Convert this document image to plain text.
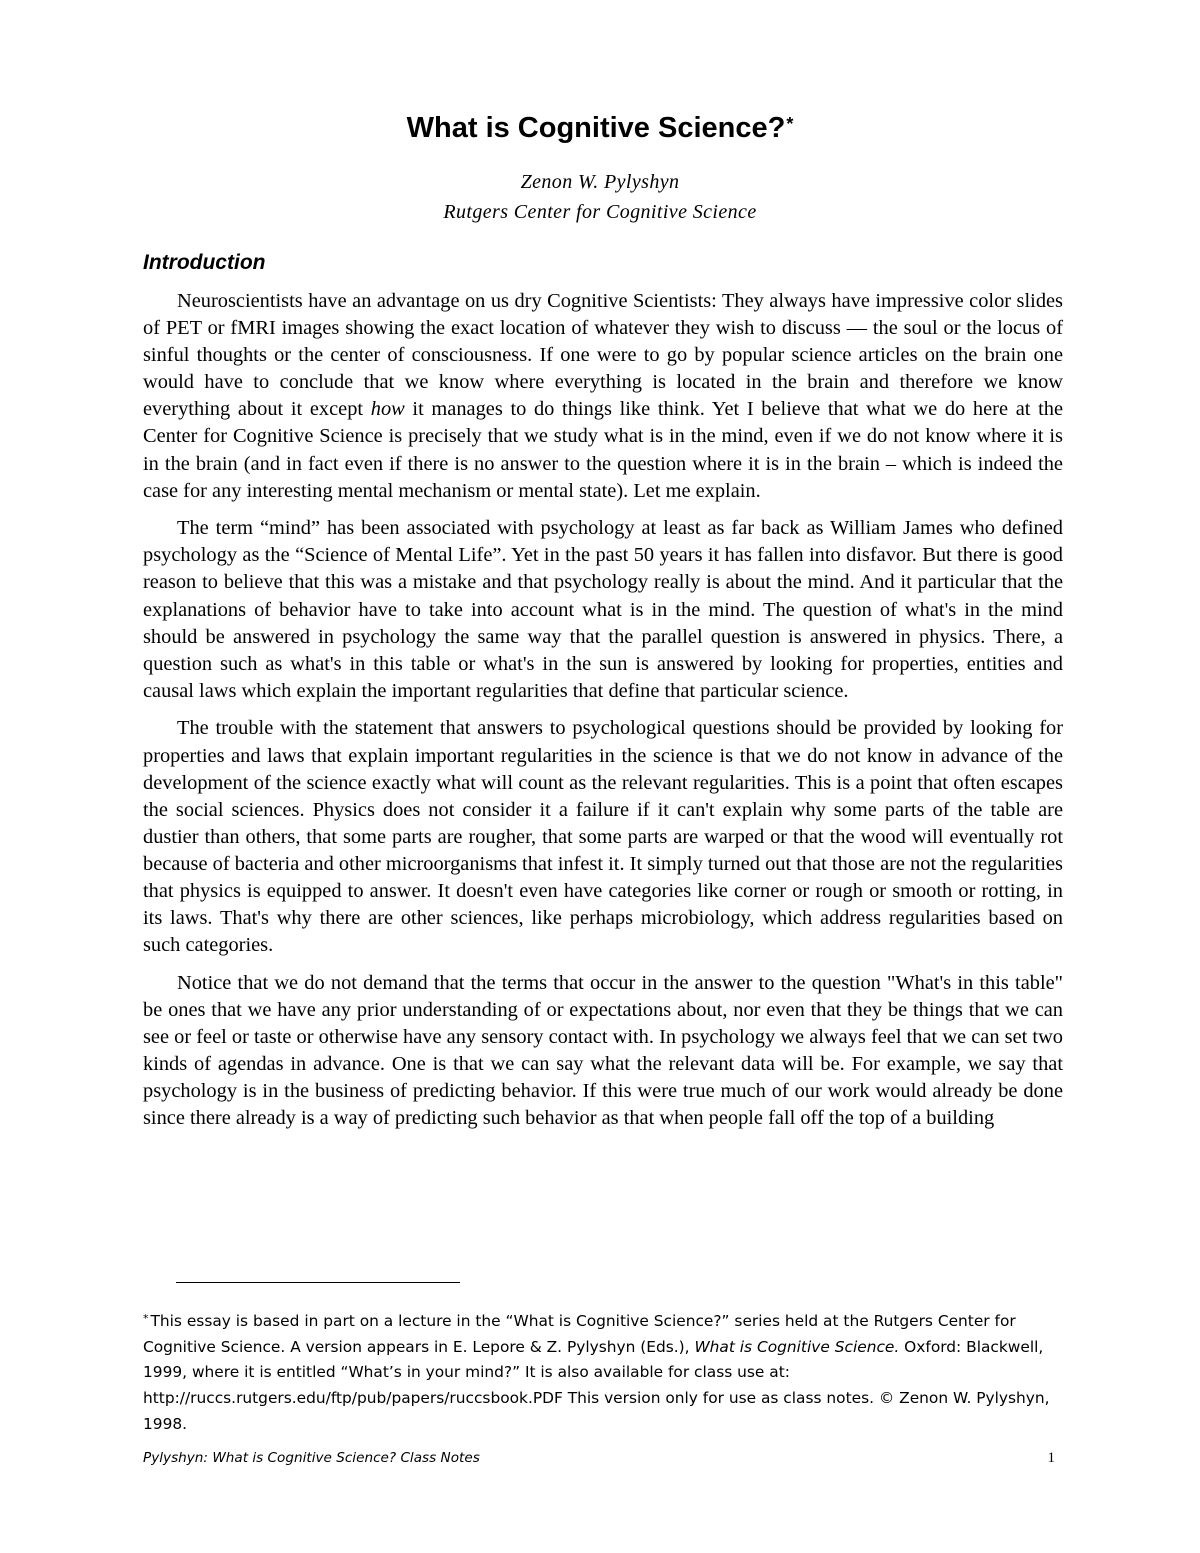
What is Cognitive Science?*
Zenon W. Pylyshyn
Rutgers Center for Cognitive Science
Introduction

Neuroscientists have an advantage on us dry Cognitive Scientists: They always have impressive color slides of PET or fMRI images showing the exact location of whatever they wish to discuss — the soul or the locus of sinful thoughts or the center of consciousness. If one were to go by popular science articles on the brain one would have to conclude that we know where everything is located in the brain and therefore we know everything about it except how it manages to do things like think. Yet I believe that what we do here at the Center for Cognitive Science is precisely that we study what is in the mind, even if we do not know where it is in the brain (and in fact even if there is no answer to the question where it is in the brain – which is indeed the case for any interesting mental mechanism or mental state). Let me explain.

The term “mind” has been associated with psychology at least as far back as William James who defined psychology as the “Science of Mental Life”. Yet in the past 50 years it has fallen into disfavor. But there is good reason to believe that this was a mistake and that psychology really is about the mind. And it particular that the explanations of behavior have to take into account what is in the mind. The question of what's in the mind should be answered in psychology the same way that the parallel question is answered in physics. There, a question such as what's in this table or what's in the sun is answered by looking for properties, entities and causal laws which explain the important regularities that define that particular science.

The trouble with the statement that answers to psychological questions should be provided by looking for properties and laws that explain important regularities in the science is that we do not know in advance of the development of the science exactly what will count as the relevant regularities. This is a point that often escapes the social sciences. Physics does not consider it a failure if it can't explain why some parts of the table are dustier than others, that some parts are rougher, that some parts are warped or that the wood will eventually rot because of bacteria and other microorganisms that infest it. It simply turned out that those are not the regularities that physics is equipped to answer. It doesn't even have categories like corner or rough or smooth or rotting, in its laws. That's why there are other sciences, like perhaps microbiology, which address regularities based on such categories.

Notice that we do not demand that the terms that occur in the answer to the question "What's in this table" be ones that we have any prior understanding of or expectations about, nor even that they be things that we can see or feel or taste or otherwise have any sensory contact with. In psychology we always feel that we can set two kinds of agendas in advance. One is that we can say what the relevant data will be. For example, we say that psychology is in the business of predicting behavior. If this were true much of our work would already be done since there already is a way of predicting such behavior as that when people fall off the top of a building

* This essay is based in part on a lecture in the “What is Cognitive Science?” series held at the Rutgers Center for Cognitive Science. A version appears in E. Lepore & Z. Pylyshyn (Eds.), What is Cognitive Science. Oxford: Blackwell, 1999, where it is entitled “What’s in your mind?” It is also available for class use at: http://ruccs.rutgers.edu/ftp/pub/papers/ruccsbook.PDF This version only for use as class notes. © Zenon W. Pylyshyn, 1998.
Pylyshyn: What is Cognitive Science? Class Notes	1
